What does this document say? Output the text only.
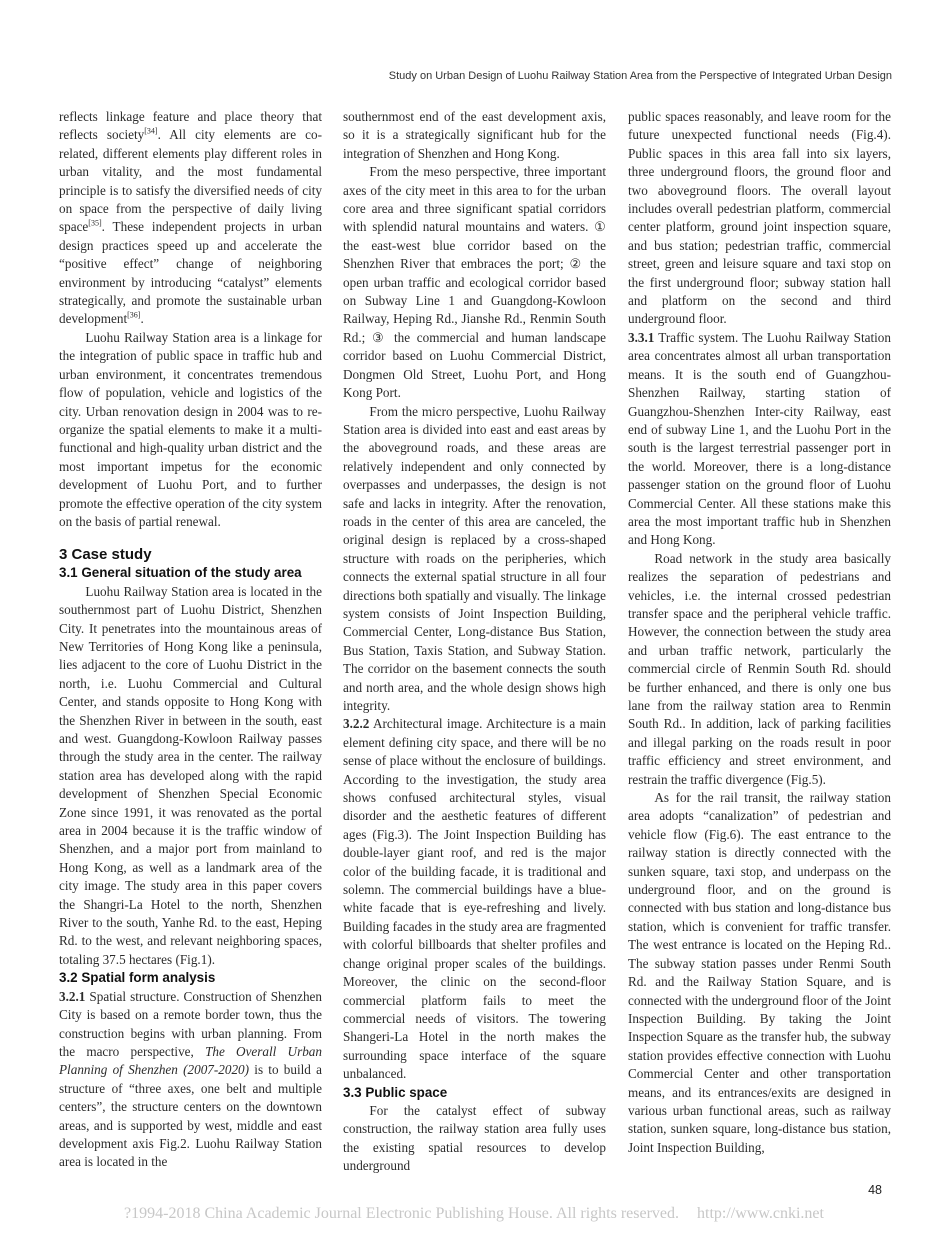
Study on Urban Design of Luohu Railway Station Area from the Perspective of Integrated Urban Design

reflects linkage feature and place theory that reflects society[34]. All city elements are co-related, different elements play different roles in urban vitality, and the most fundamental principle is to satisfy the diversified needs of city on space from the perspective of daily living space[35]. These independent projects in urban design practices speed up and accelerate the “positive effect” change of neighboring environment by introducing “catalyst” elements strategically, and promote the sustainable urban development[36].

Luohu Railway Station area is a linkage for the integration of public space in traffic hub and urban environment, it concentrates tremendous flow of population, vehicle and logistics of the city. Urban renovation design in 2004 was to re-organize the spatial elements to make it a multi-functional and high-quality urban district and the most important impetus for the economic development of Luohu Port, and to further promote the effective operation of the city system on the basis of partial renewal.

3 Case study
3.1 General situation of the study area

Luohu Railway Station area is located in the southernmost part of Luohu District, Shenzhen City. It penetrates into the mountainous areas of New Territories of Hong Kong like a peninsula, lies adjacent to the core of Luohu District in the north, i.e. Luohu Commercial and Cultural Center, and stands opposite to Hong Kong with the Shenzhen River in between in the south, east and west. Guangdong-Kowloon Railway passes through the study area in the center. The railway station area has developed along with the rapid development of Shenzhen Special Economic Zone since 1991, it was renovated as the portal area in 2004 because it is the traffic window of Shenzhen, and a major port from mainland to Hong Kong, as well as a landmark area of the city image. The study area in this paper covers the Shangri-La Hotel to the north, Shenzhen River to the south, Yanhe Rd. to the east, Heping Rd. to the west, and relevant neighboring spaces, totaling 37.5 hectares (Fig.1).

3.2 Spatial form analysis

3.2.1 Spatial structure. Construction of Shenzhen City is based on a remote border town, thus the construction begins with urban planning. From the macro perspective, The Overall Urban Planning of Shenzhen (2007-2020) is to build a structure of “three axes, one belt and multiple centers”, the structure centers on the downtown areas, and is supported by west, middle and east development axis Fig.2. Luohu Railway Station area is located in the

southernmost end of the east development axis, so it is a strategically significant hub for the integration of Shenzhen and Hong Kong.

From the meso perspective, three important axes of the city meet in this area to for the urban core area and three significant spatial corridors with splendid natural mountains and waters. ① the east-west blue corridor based on the Shenzhen River that embraces the port; ② the open urban traffic and ecological corridor based on Subway Line 1 and Guangdong-Kowloon Railway, Heping Rd., Jianshe Rd., Renmin South Rd.; ③ the commercial and human landscape corridor based on Luohu Commercial District, Dongmen Old Street, Luohu Port, and Hong Kong Port.

From the micro perspective, Luohu Railway Station area is divided into east and east areas by the aboveground roads, and these areas are relatively independent and only connected by overpasses and underpasses, the design is not safe and lacks in integrity. After the renovation, roads in the center of this area are canceled, the original design is replaced by a cross-shaped structure with roads on the peripheries, which connects the external spatial structure in all four directions both spatially and visually. The linkage system consists of Joint Inspection Building, Commercial Center, Long-distance Bus Station, Bus Station, Taxis Station, and Subway Station. The corridor on the basement connects the south and north area, and the whole design shows high integrity.

3.2.2 Architectural image. Architecture is a main element defining city space, and there will be no sense of place without the enclosure of buildings. According to the investigation, the study area shows confused architectural styles, visual disorder and the aesthetic features of different ages (Fig.3). The Joint Inspection Building has double-layer giant roof, and red is the major color of the building facade, it is traditional and solemn. The commercial buildings have a blue-white facade that is eye-refreshing and lively. Building facades in the study area are fragmented with colorful billboards that shelter profiles and change original proper scales of the buildings. Moreover, the clinic on the second-floor commercial platform fails to meet the commercial needs of visitors. The towering Shangeri-La Hotel in the north makes the surrounding space interface of the square unbalanced.

3.3 Public space

For the catalyst effect of subway construction, the railway station area fully uses the existing spatial resources to develop underground

public spaces reasonably, and leave room for the future unexpected functional needs (Fig.4). Public spaces in this area fall into six layers, three underground floors, the ground floor and two aboveground floors. The overall layout includes overall pedestrian platform, commercial center platform, ground joint inspection square, and bus station; pedestrian traffic, commercial street, green and leisure square and taxi stop on the first underground floor; subway station hall and platform on the second and third underground floor.

3.3.1 Traffic system. The Luohu Railway Station area concentrates almost all urban transportation means. It is the south end of Guangzhou-Shenzhen Railway, starting station of Guangzhou-Shenzhen Inter-city Railway, east end of subway Line 1, and the Luohu Port in the south is the largest terrestrial passenger port in the world. Moreover, there is a long-distance passenger station on the ground floor of Luohu Commercial Center. All these stations make this area the most important traffic hub in Shenzhen and Hong Kong.

Road network in the study area basically realizes the separation of pedestrians and vehicles, i.e. the internal crossed pedestrian transfer space and the peripheral vehicle traffic. However, the connection between the study area and urban traffic network, particularly the commercial circle of Renmin South Rd. should be further enhanced, and there is only one bus lane from the railway station area to Renmin South Rd.. In addition, lack of parking facilities and illegal parking on the roads result in poor traffic efficiency and street environment, and restrain the traffic divergence (Fig.5).

As for the rail transit, the railway station area adopts “canalization” of pedestrian and vehicle flow (Fig.6). The east entrance to the railway station is directly connected with the sunken square, taxi stop, and underpass on the underground floor, and on the ground is connected with bus station and long-distance bus station, which is convenient for traffic transfer. The west entrance is located on the Heping Rd.. The subway station passes under Renmi South Rd. and the Railway Station Square, and is connected with the underground floor of the Joint Inspection Building. By taking the Joint Inspection Square as the transfer hub, the subway station provides effective connection with Luohu Commercial Center and other transportation means, and its entrances/exits are designed in various urban functional areas, such as railway station, sunken square, long-distance bus station, Joint Inspection Building,

48
?1994-2018 China Academic Journal Electronic Publishing House. All rights reserved. http://www.cnki.net
